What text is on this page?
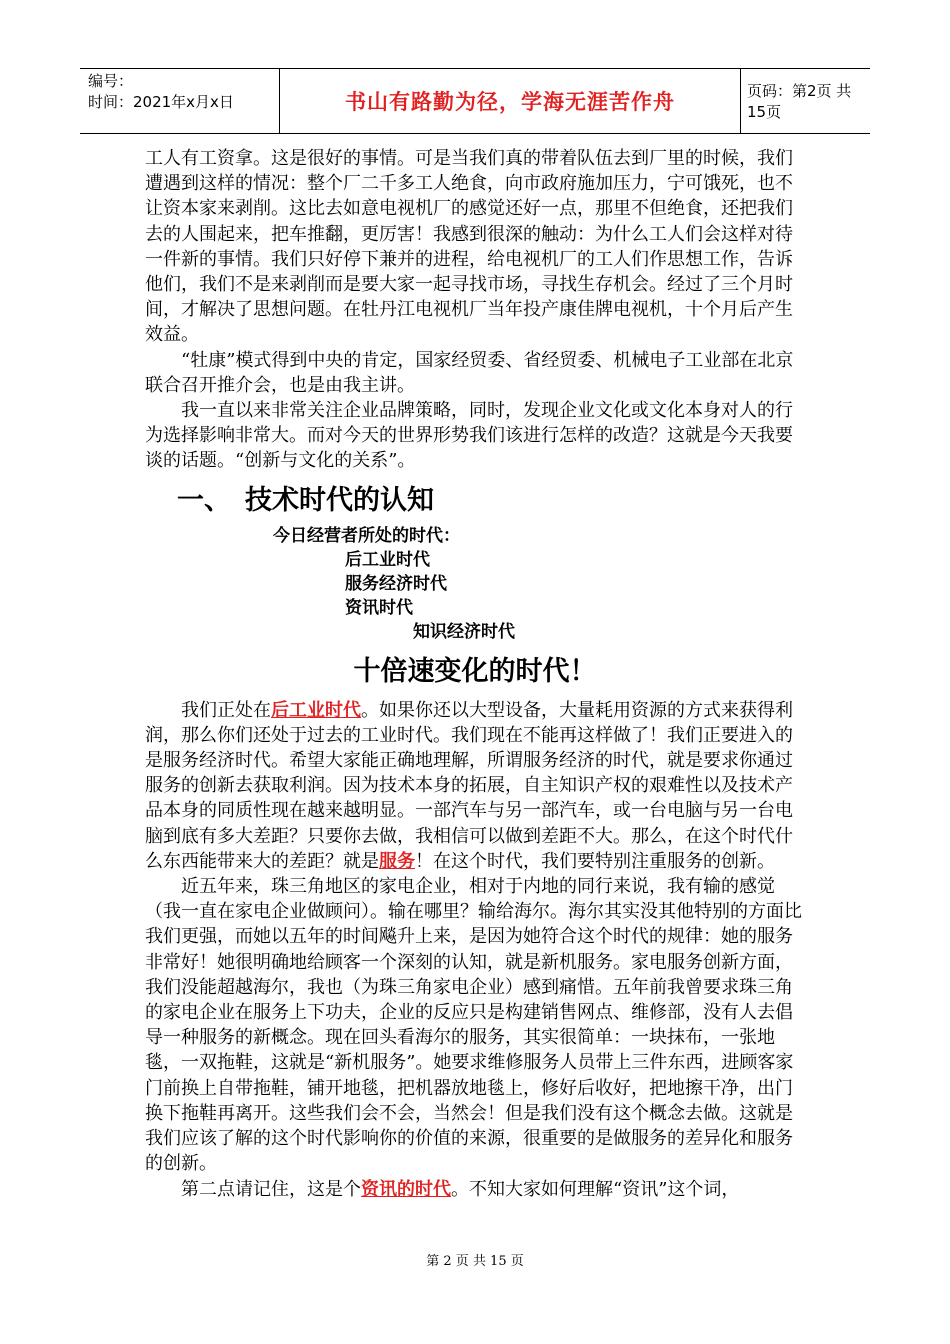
编号：
时间：2021年x月x日	书山有路勤为径，学海无涯苦作舟	页码：第2页 共15页

工人有工资拿。这是很好的事情。可是当我们真的带着队伍去到厂里的时候，我们遭遇到这样的情况：整个厂二千多工人绝食，向市政府施加压力，宁可饿死，也不让资本家来剥削。这比去如意电视机厂的感觉还好一点，那里不但绝食，还把我们去的人围起来，把车推翻，更厉害！我感到很深的触动：为什么工人们会这样对待一件新的事情。我们只好停下兼并的进程，给电视机厂的工人们作思想工作，告诉他们，我们不是来剥削而是要大家一起寻找市场，寻找生存机会。经过了三个月时间，才解决了思想问题。在牡丹江电视机厂当年投产康佳牌电视机，十个月后产生效益。

“牡康”模式得到中央的肯定，国家经贸委、省经贸委、机械电子工业部在北京联合召开推介会，也是由我主讲。

我一直以来非常关注企业品牌策略，同时，发现企业文化或文化本身对人的行为选择影响非常大。而对今天的世界形势我们该进行怎样的改造？这就是今天我要谈的话题。“创新与文化的关系”。

一、 技术时代的认知
今日经营者所处的时代：
后工业时代
服务经济时代
资讯时代
知识经济时代
十倍速变化的时代！

我们正处在后工业时代。如果你还以大型设备，大量耗用资源的方式来获得利润，那么你们还处于过去的工业时代。我们现在不能再这样做了！我们正要进入的是服务经济时代。希望大家能正确地理解，所谓服务经济的时代，就是要求你通过服务的创新去获取利润。因为技术本身的拓展，自主知识产权的艰难性以及技术产品本身的同质性现在越来越明显。一部汽车与另一部汽车，或一台电脑与另一台电脑到底有多大差距？只要你去做，我相信可以做到差距不大。那么，在这个时代什么东西能带来大的差距？就是服务！在这个时代，我们要特别注重服务的创新。

近五年来，珠三角地区的家电企业，相对于内地的同行来说，我有输的感觉（我一直在家电企业做顾问）。输在哪里？输给海尔。海尔其实没其他特别的方面比我们更强，而她以五年的时间飚升上来，是因为她符合这个时代的规律：她的服务非常好！她很明确地给顾客一个深刻的认知，就是新机服务。家电服务创新方面，我们没能超越海尔，我也（为珠三角家电企业）感到痛惜。五年前我曾要求珠三角的家电企业在服务上下功夫，企业的反应只是构建销售网点、维修部，没有人去倡导一种服务的新概念。现在回头看海尔的服务，其实很简单：一块抹布，一张地毯，一双拖鞋，这就是“新机服务”。她要求维修服务人员带上三件东西，进顾客家门前换上自带拖鞋，铺开地毯，把机器放地毯上，修好后收好，把地擦干净，出门换下拖鞋再离开。这些我们会不会，当然会！但是我们没有这个概念去做。这就是我们应该了解的这个时代影响你的价值的来源，很重要的是做服务的差异化和服务的创新。

第二点请记住，这是个资讯的时代。不知大家如何理解“资讯”这个词，

第 2 页 共 15 页
